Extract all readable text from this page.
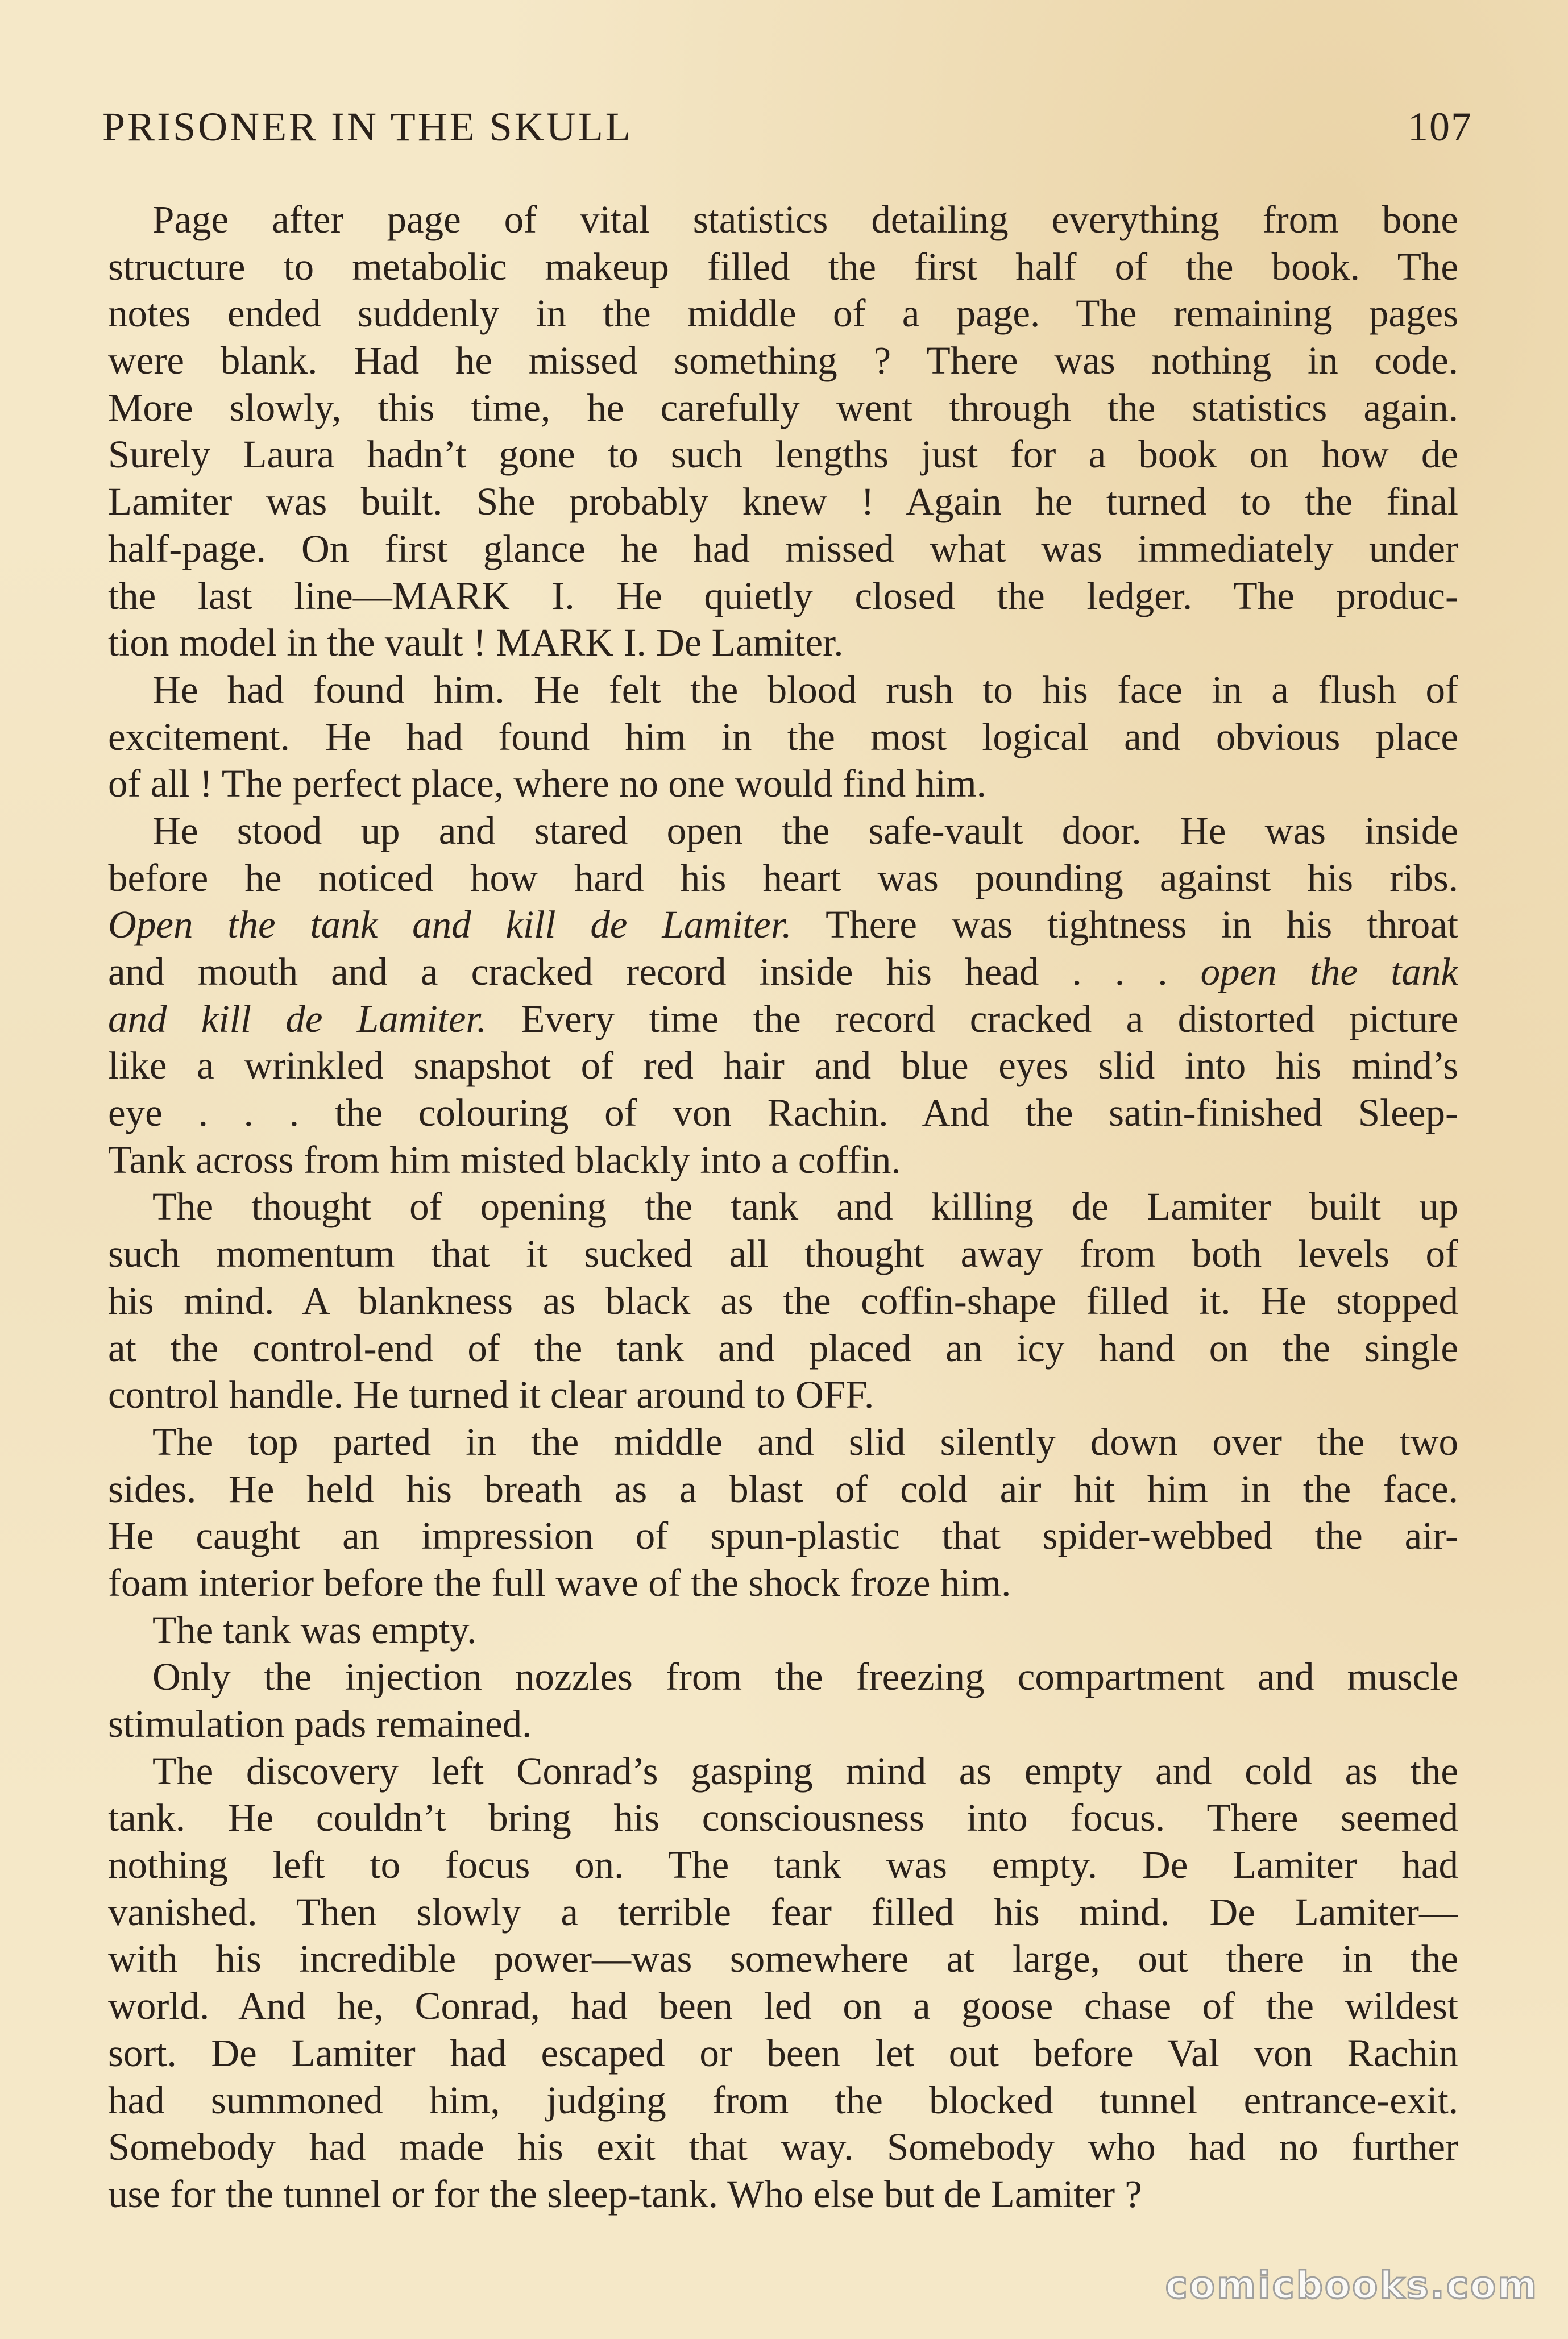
PRISONER IN THE SKULL	107
Page after page of vital statistics detailing everything from bone
structure to metabolic makeup filled the first half of the book. The
notes ended suddenly in the middle of a page. The remaining pages
were blank. Had he missed something ? There was nothing in code.
More slowly, this time, he carefully went through the statistics again.
Surely Laura hadn’t gone to such lengths just for a book on how de
Lamiter was built. She probably knew ! Again he turned to the final
half-page. On first glance he had missed what was immediately under
the last line—MARK I. He quietly closed the ledger. The produc-
tion model in the vault ! MARK I. De Lamiter.
He had found him. He felt the blood rush to his face in a flush of
excitement. He had found him in the most logical and obvious place
of all ! The perfect place, where no one would find him.
He stood up and stared open the safe-vault door. He was inside
before he noticed how hard his heart was pounding against his ribs.
Open the tank and kill de Lamiter. There was tightness in his throat
and mouth and a cracked record inside his head . . . open the tank
and kill de Lamiter. Every time the record cracked a distorted picture
like a wrinkled snapshot of red hair and blue eyes slid into his mind’s
eye . . . the colouring of von Rachin. And the satin-finished Sleep-
Tank across from him misted blackly into a coffin.
The thought of opening the tank and killing de Lamiter built up
such momentum that it sucked all thought away from both levels of
his mind. A blankness as black as the coffin-shape filled it. He stopped
at the control-end of the tank and placed an icy hand on the single
control handle. He turned it clear around to OFF.
The top parted in the middle and slid silently down over the two
sides. He held his breath as a blast of cold air hit him in the face.
He caught an impression of spun-plastic that spider-webbed the air-
foam interior before the full wave of the shock froze him.
The tank was empty.
Only the injection nozzles from the freezing compartment and muscle
stimulation pads remained.
The discovery left Conrad’s gasping mind as empty and cold as the
tank. He couldn’t bring his consciousness into focus. There seemed
nothing left to focus on. The tank was empty. De Lamiter had
vanished. Then slowly a terrible fear filled his mind. De Lamiter—
with his incredible power—was somewhere at large, out there in the
world. And he, Conrad, had been led on a goose chase of the wildest
sort. De Lamiter had escaped or been let out before Val von Rachin
had summoned him, judging from the blocked tunnel entrance-exit.
Somebody had made his exit that way. Somebody who had no further
use for the tunnel or for the sleep-tank. Who else but de Lamiter ?
comicbooks.com
